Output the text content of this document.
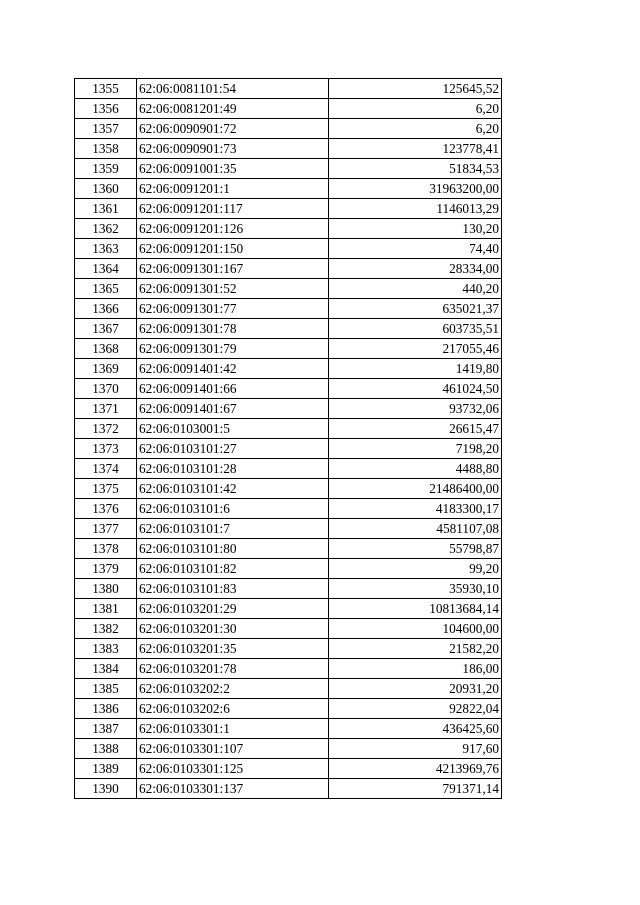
1355	62:06:0081101:54	125645,52
1356	62:06:0081201:49	6,20
1357	62:06:0090901:72	6,20
1358	62:06:0090901:73	123778,41
1359	62:06:0091001:35	51834,53
1360	62:06:0091201:1	31963200,00
1361	62:06:0091201:117	1146013,29
1362	62:06:0091201:126	130,20
1363	62:06:0091201:150	74,40
1364	62:06:0091301:167	28334,00
1365	62:06:0091301:52	440,20
1366	62:06:0091301:77	635021,37
1367	62:06:0091301:78	603735,51
1368	62:06:0091301:79	217055,46
1369	62:06:0091401:42	1419,80
1370	62:06:0091401:66	461024,50
1371	62:06:0091401:67	93732,06
1372	62:06:0103001:5	26615,47
1373	62:06:0103101:27	7198,20
1374	62:06:0103101:28	4488,80
1375	62:06:0103101:42	21486400,00
1376	62:06:0103101:6	4183300,17
1377	62:06:0103101:7	4581107,08
1378	62:06:0103101:80	55798,87
1379	62:06:0103101:82	99,20
1380	62:06:0103101:83	35930,10
1381	62:06:0103201:29	10813684,14
1382	62:06:0103201:30	104600,00
1383	62:06:0103201:35	21582,20
1384	62:06:0103201:78	186,00
1385	62:06:0103202:2	20931,20
1386	62:06:0103202:6	92822,04
1387	62:06:0103301:1	436425,60
1388	62:06:0103301:107	917,60
1389	62:06:0103301:125	4213969,76
1390	62:06:0103301:137	791371,14
